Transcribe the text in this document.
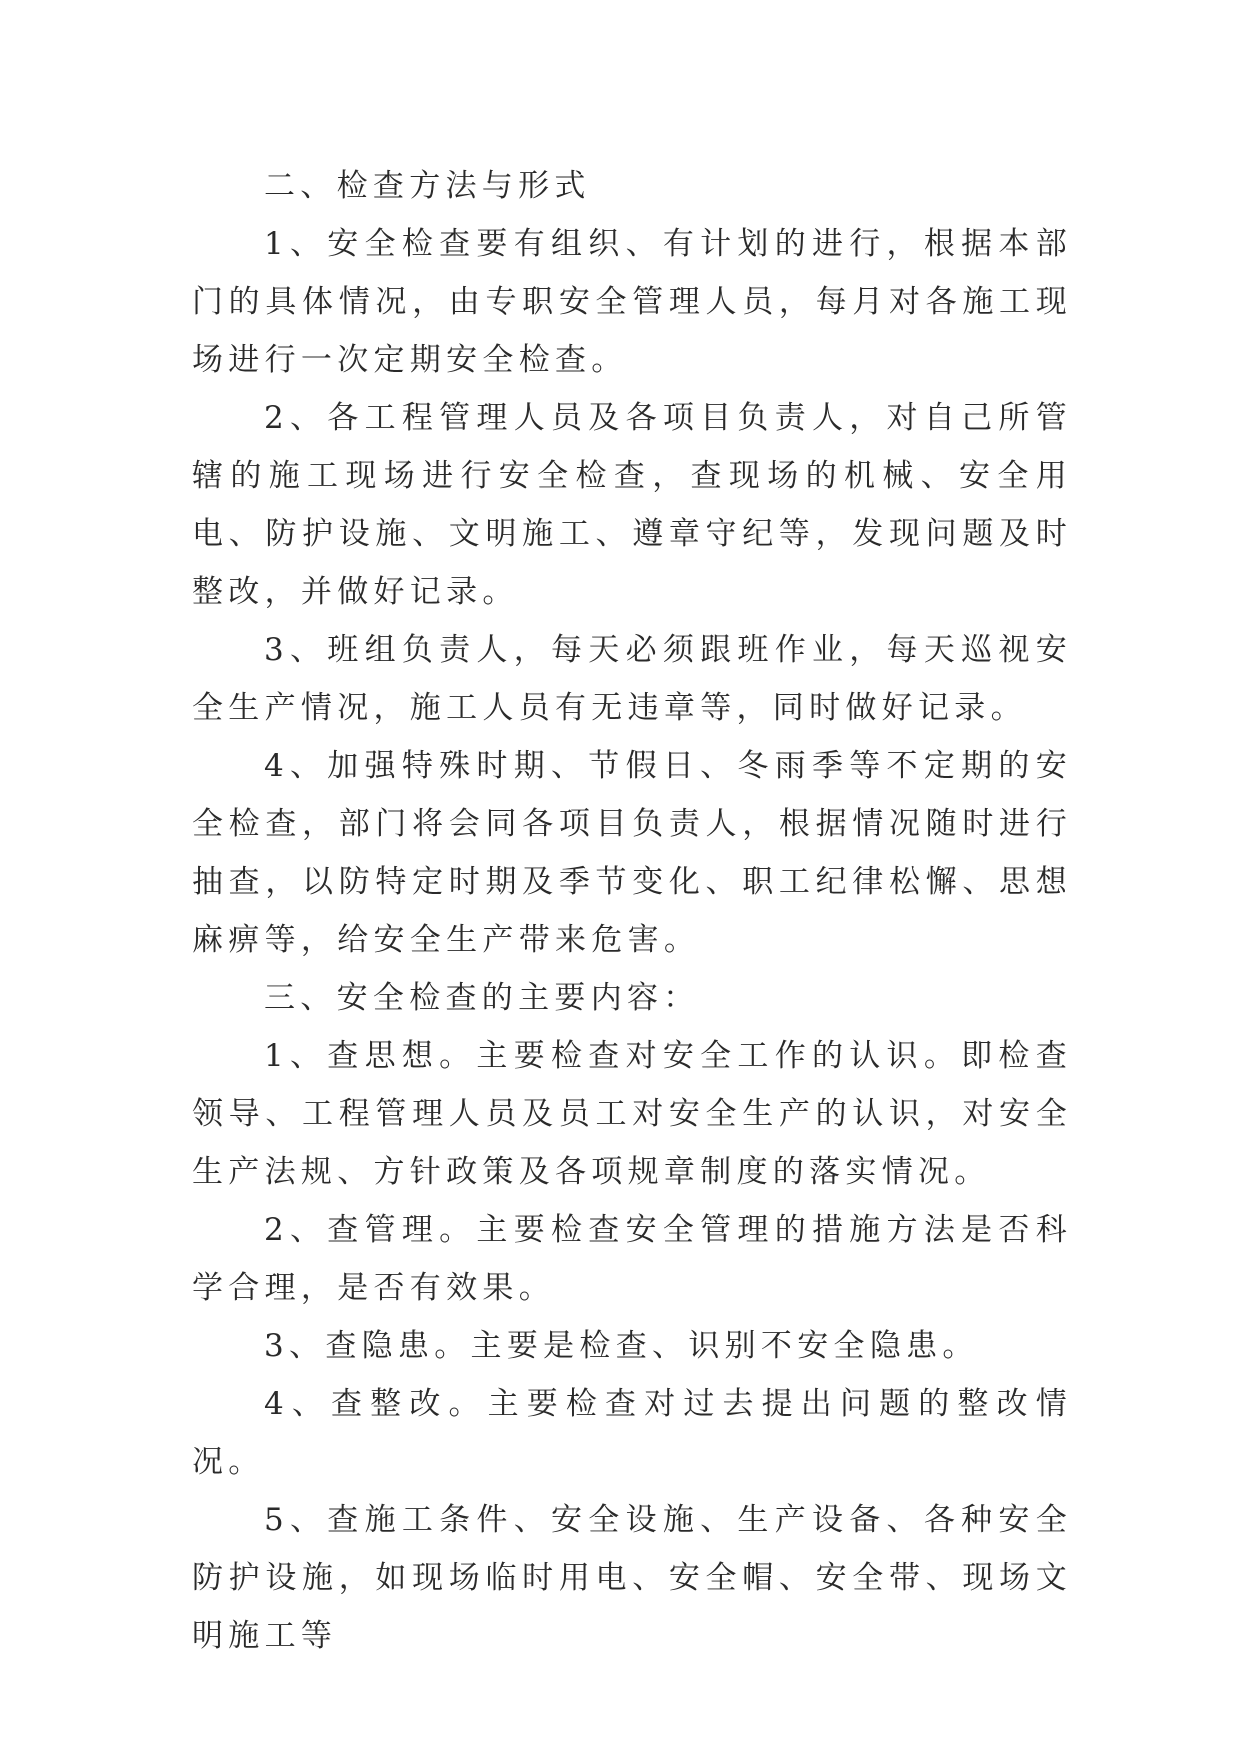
二、检查方法与形式

1、安全检查要有组织、有计划的进行，根据本部门的具体情况，由专职安全管理人员，每月对各施工现场进行一次定期安全检查。

2、各工程管理人员及各项目负责人，对自己所管辖的施工现场进行安全检查，查现场的机械、安全用电、防护设施、文明施工、遵章守纪等，发现问题及时整改，并做好记录。

3、班组负责人，每天必须跟班作业，每天巡视安全生产情况，施工人员有无违章等，同时做好记录。

4、加强特殊时期、节假日、冬雨季等不定期的安全检查，部门将会同各项目负责人，根据情况随时进行抽查，以防特定时期及季节变化、职工纪律松懈、思想麻痹等，给安全生产带来危害。

三、安全检查的主要内容：

1、查思想。主要检查对安全工作的认识。即检查领导、工程管理人员及员工对安全生产的认识，对安全生产法规、方针政策及各项规章制度的落实情况。

2、查管理。主要检查安全管理的措施方法是否科学合理，是否有效果。

3、查隐患。主要是检查、识别不安全隐患。

4、查整改。主要检查对过去提出问题的整改情况。

5、查施工条件、安全设施、生产设备、各种安全防护设施，如现场临时用电、安全帽、安全带、现场文明施工等
